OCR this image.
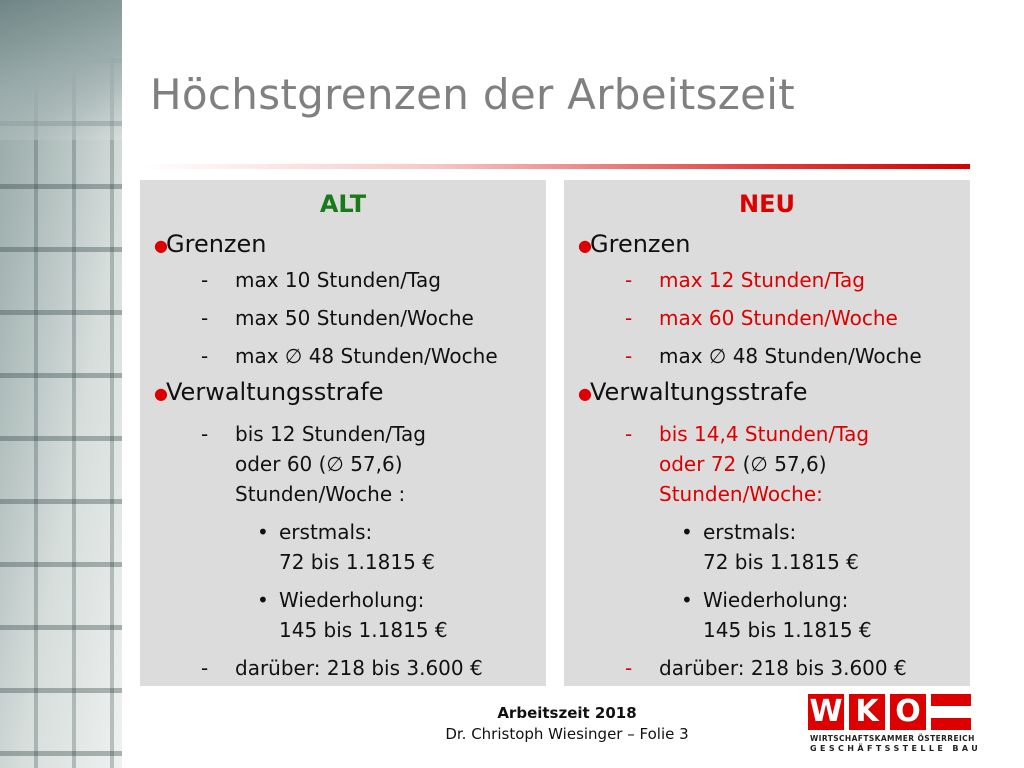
Höchstgrenzen der Arbeitszeit
ALT
●
Grenzen
- max 10 Stunden/Tag
- max 50 Stunden/Woche
- max ∅ 48 Stunden/Woche
●
Verwaltungsstrafe
- bis 12 Stunden/Tag
oder 60 (∅ 57,6)
Stunden/Woche :
• erstmals:
72 bis 1.1815 €
• Wiederholung:
145 bis 1.1815 €
- darüber: 218 bis 3.600 €
NEU
●
Grenzen
- max 12 Stunden/Tag
- max 60 Stunden/Woche
- max ∅ 48 Stunden/Woche
●
Verwaltungsstrafe
- bis 14,4 Stunden/Tag
oder 72 (∅ 57,6)
Stunden/Woche:
• erstmals:
72 bis 1.1815 €
• Wiederholung:
145 bis 1.1815 €
- darüber: 218 bis 3.600 €
Arbeitszeit 2018
Dr. Christoph Wiesinger – Folie 3
W K O
WIRTSCHAFTSKAMMER ÖSTERREICH
GESCHÄFTSSTELLE BAU
